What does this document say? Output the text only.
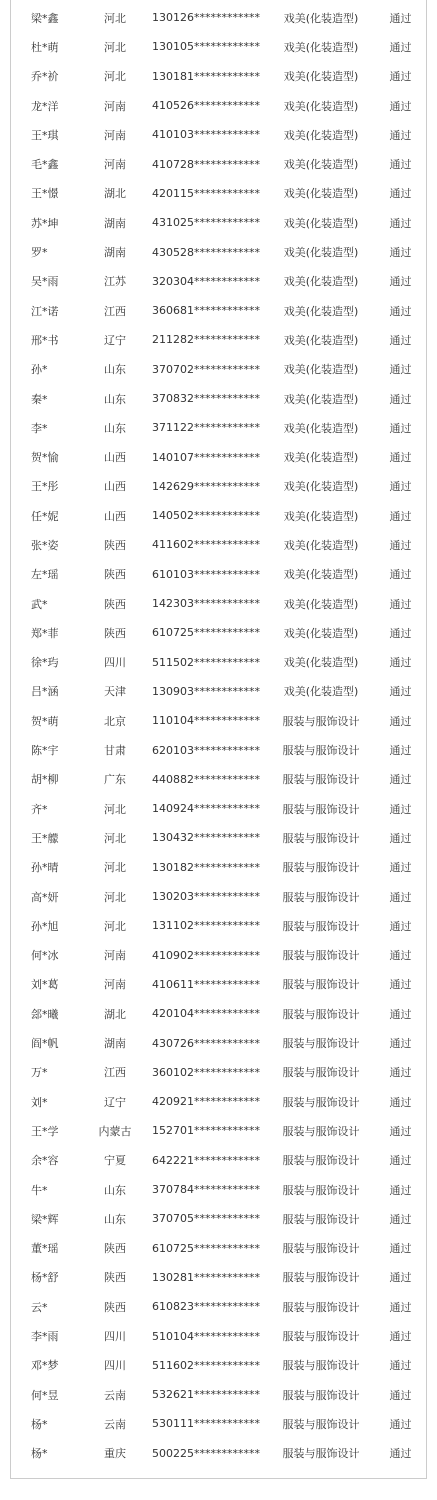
梁*鑫	河北	130126************	戏美(化装造型)	通过
杜*萌	河北	130105************	戏美(化装造型)	通过
乔*祄	河北	130181************	戏美(化装造型)	通过
龙*洋	河南	410526************	戏美(化装造型)	通过
王*琪	河南	410103************	戏美(化装造型)	通过
毛*鑫	河南	410728************	戏美(化装造型)	通过
王*憬	湖北	420115************	戏美(化装造型)	通过
苏*坤	湖南	431025************	戏美(化装造型)	通过
罗*	湖南	430528************	戏美(化装造型)	通过
吴*雨	江苏	320304************	戏美(化装造型)	通过
江*诺	江西	360681************	戏美(化装造型)	通过
邢*书	辽宁	211282************	戏美(化装造型)	通过
孙*	山东	370702************	戏美(化装造型)	通过
秦*	山东	370832************	戏美(化装造型)	通过
李*	山东	371122************	戏美(化装造型)	通过
贺*愉	山西	140107************	戏美(化装造型)	通过
王*彤	山西	142629************	戏美(化装造型)	通过
任*妮	山西	140502************	戏美(化装造型)	通过
张*姿	陕西	411602************	戏美(化装造型)	通过
左*瑶	陕西	610103************	戏美(化装造型)	通过
武*	陕西	142303************	戏美(化装造型)	通过
郑*菲	陕西	610725************	戏美(化装造型)	通过
徐*玙	四川	511502************	戏美(化装造型)	通过
吕*涵	天津	130903************	戏美(化装造型)	通过
贺*萌	北京	110104************	服装与服饰设计	通过
陈*宇	甘肃	620103************	服装与服饰设计	通过
胡*柳	广东	440882************	服装与服饰设计	通过
齐*	河北	140924************	服装与服饰设计	通过
王*艨	河北	130432************	服装与服饰设计	通过
孙*晴	河北	130182************	服装与服饰设计	通过
高*妍	河北	130203************	服装与服饰设计	通过
孙*旭	河北	131102************	服装与服饰设计	通过
何*冰	河南	410902************	服装与服饰设计	通过
刘*葛	河南	410611************	服装与服饰设计	通过
郐*曦	湖北	420104************	服装与服饰设计	通过
阎*帆	湖南	430726************	服装与服饰设计	通过
万*	江西	360102************	服装与服饰设计	通过
刘*	辽宁	420921************	服装与服饰设计	通过
王*学	内蒙古	152701************	服装与服饰设计	通过
余*容	宁夏	642221************	服装与服饰设计	通过
牛*	山东	370784************	服装与服饰设计	通过
梁*辉	山东	370705************	服装与服饰设计	通过
董*瑶	陕西	610725************	服装与服饰设计	通过
杨*舒	陕西	130281************	服装与服饰设计	通过
云*	陕西	610823************	服装与服饰设计	通过
李*雨	四川	510104************	服装与服饰设计	通过
邓*梦	四川	511602************	服装与服饰设计	通过
何*昱	云南	532621************	服装与服饰设计	通过
杨*	云南	530111************	服装与服饰设计	通过
杨*	重庆	500225************	服装与服饰设计	通过
